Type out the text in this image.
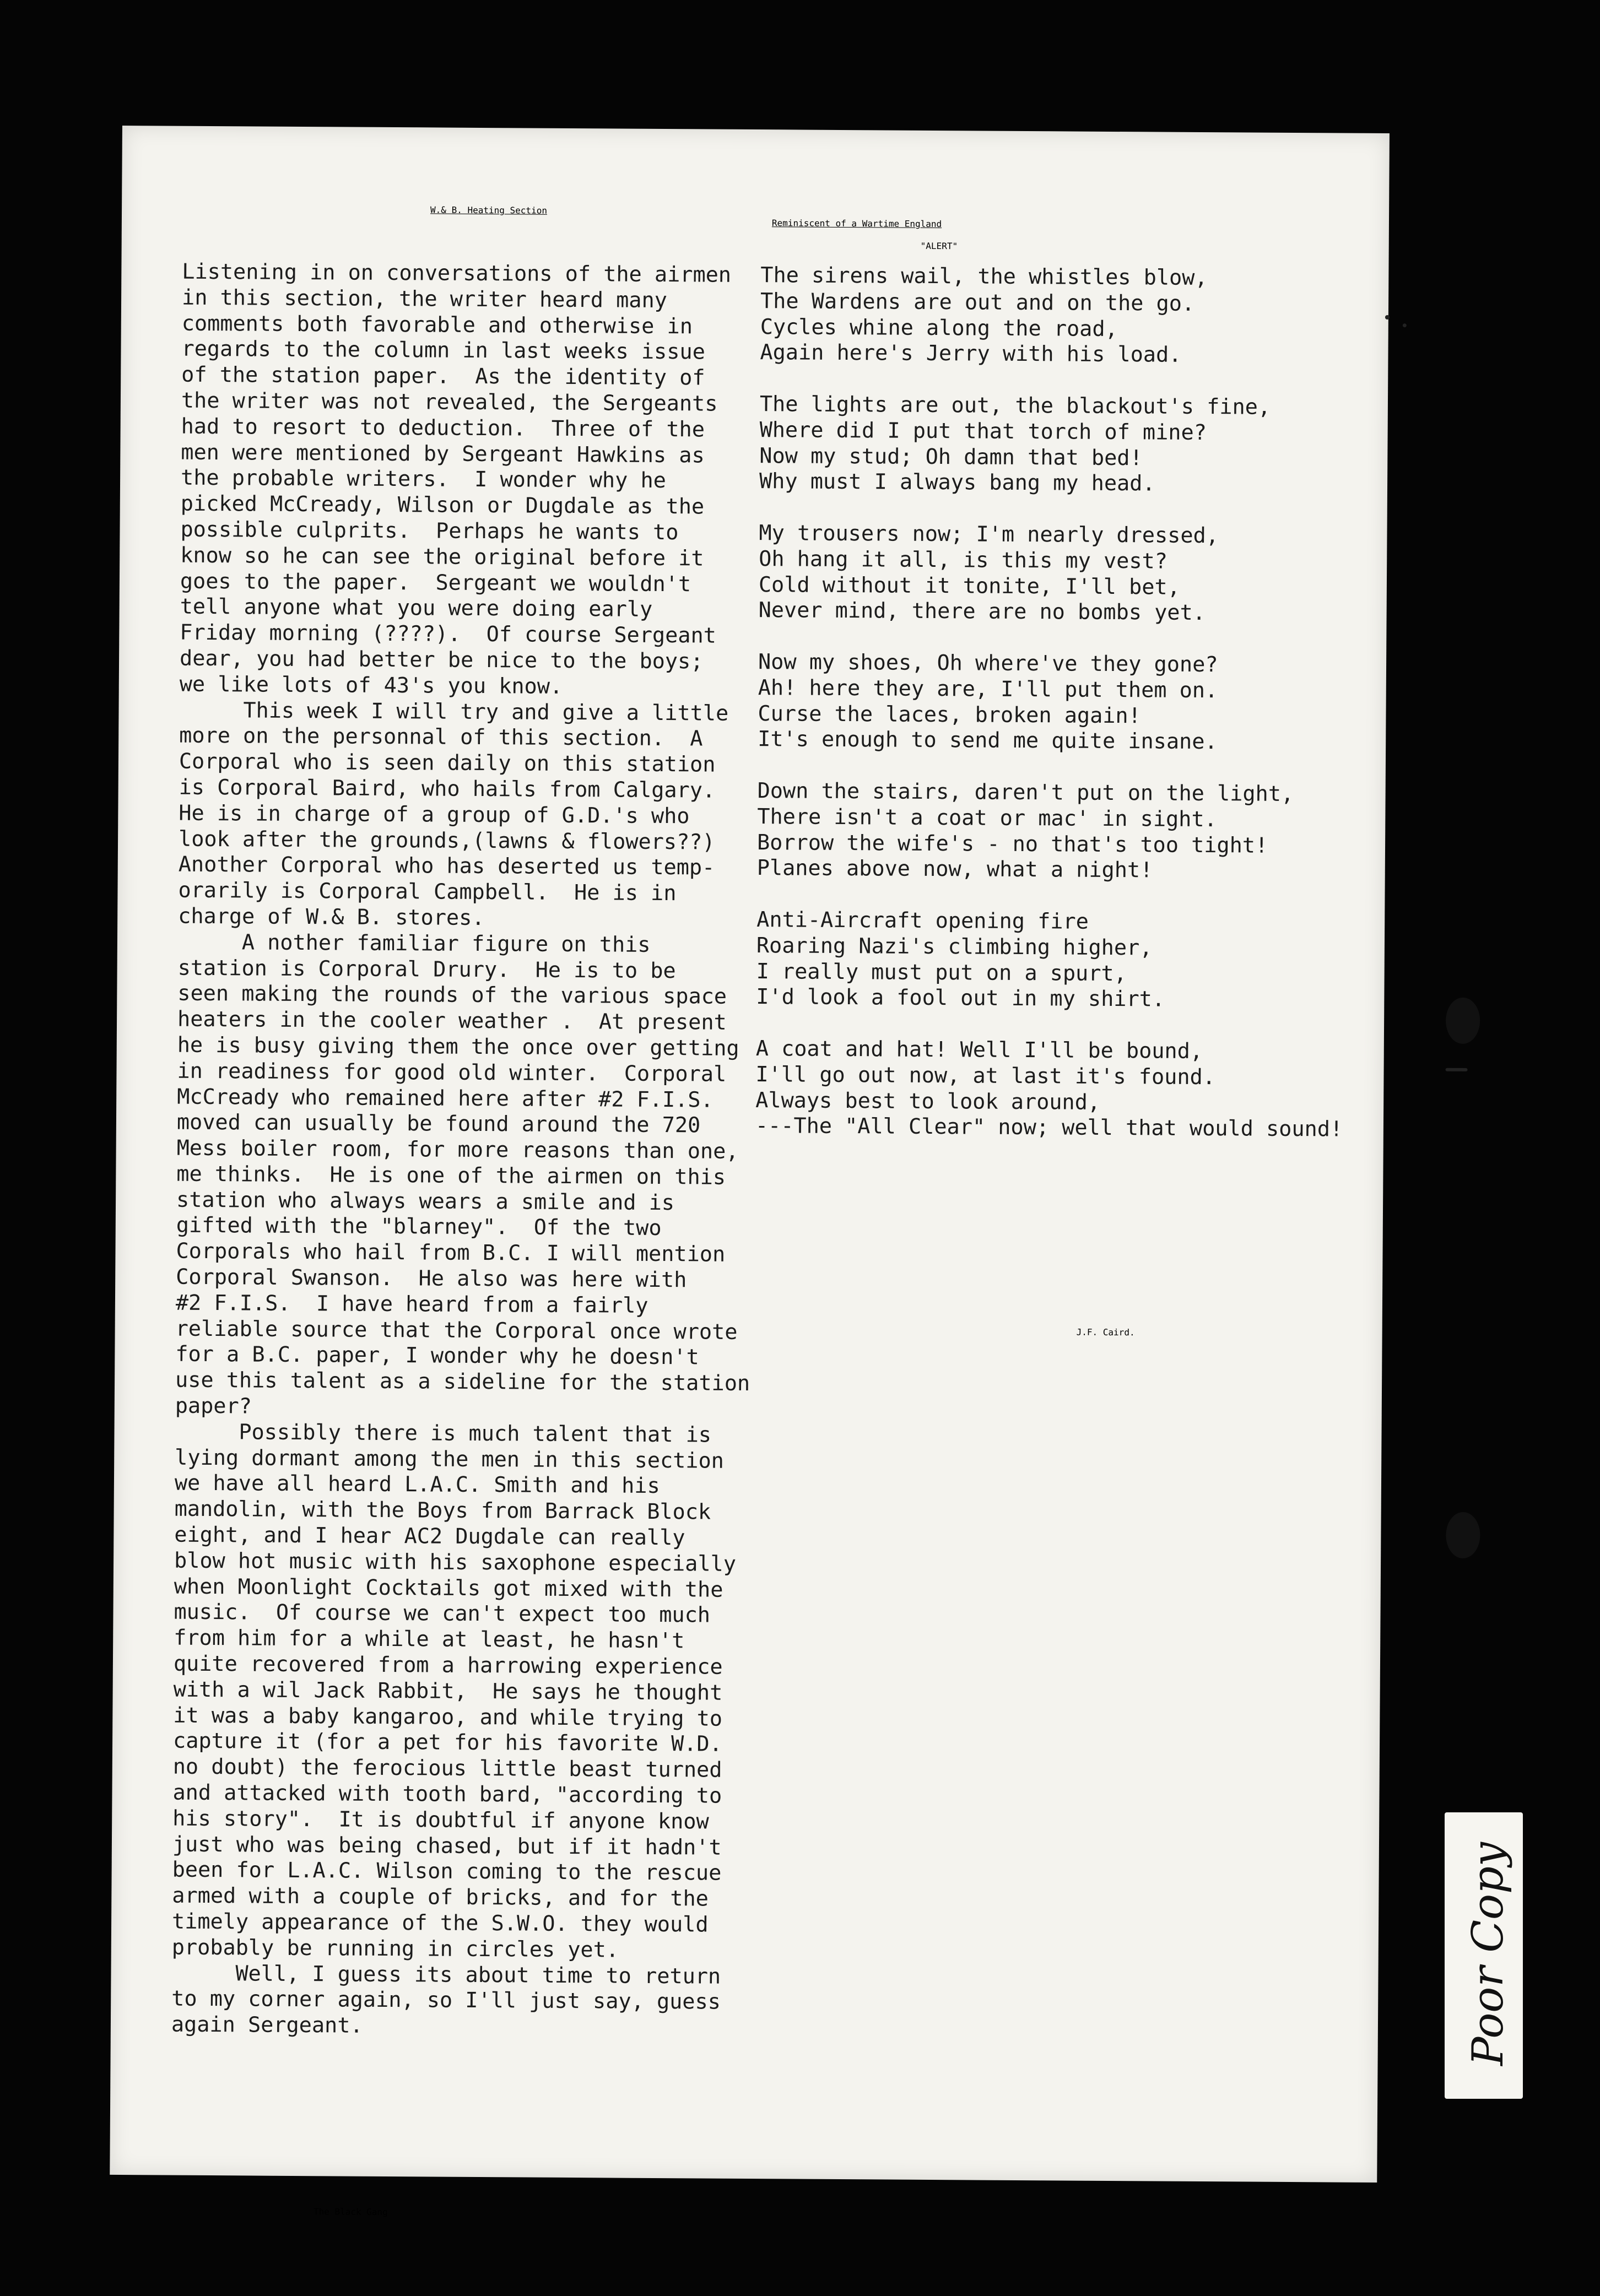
W.& B. Heating Section
Reminiscent of a Wartime England
"ALERT"
Listening in on conversations of the airmen
in this section, the writer heard many
comments both favorable and otherwise in
regards to the column in last weeks issue
of the station paper.  As the identity of
the writer was not revealed, the Sergeants
had to resort to deduction.  Three of the
men were mentioned by Sergeant Hawkins as
the probable writers.  I wonder why he
picked McCready, Wilson or Dugdale as the
possible culprits.  Perhaps he wants to
know so he can see the original before it
goes to the paper.  Sergeant we wouldn't
tell anyone what you were doing early
Friday morning (????).  Of course Sergeant
dear, you had better be nice to the boys;
we like lots of 43's you know.
This week I will try and give a little
more on the personnal of this section.  A
Corporal who is seen daily on this station
is Corporal Baird, who hails from Calgary.
He is in charge of a group of G.D.'s who
look after the grounds,(lawns & flowers??)
Another Corporal who has deserted us temp-
orarily is Corporal Campbell.  He is in
charge of W.& B. stores.
A nother familiar figure on this
station is Corporal Drury.  He is to be
seen making the rounds of the various space
heaters in the cooler weather .  At present
he is busy giving them the once over getting
in readiness for good old winter.  Corporal
McCready who remained here after #2 F.I.S.
moved can usually be found around the 720
Mess boiler room, for more reasons than one,
me thinks.  He is one of the airmen on this
station who always wears a smile and is
gifted with the "blarney".  Of the two
Corporals who hail from B.C. I will mention
Corporal Swanson.  He also was here with
#2 F.I.S.  I have heard from a fairly
reliable source that the Corporal once wrote
for a B.C. paper, I wonder why he doesn't
use this talent as a sideline for the station
paper?
Possibly there is much talent that is
lying dormant among the men in this section
we have all heard L.A.C. Smith and his
mandolin, with the Boys from Barrack Block
eight, and I hear AC2 Dugdale can really
blow hot music with his saxophone especially
when Moonlight Cocktails got mixed with the
music.  Of course we can't expect too much
from him for a while at least, he hasn't
quite recovered from a harrowing experience
with a wil Jack Rabbit,  He says he thought
it was a baby kangaroo, and while trying to
capture it (for a pet for his favorite W.D.
no doubt) the ferocious little beast turned
and attacked with tooth bard, "according to
his story".  It is doubtful if anyone know
just who was being chased, but if it hadn't
been for L.A.C. Wilson coming to the rescue
armed with a couple of bricks, and for the
timely appearance of the S.W.O. they would
probably be running in circles yet.
Well, I guess its about time to return
to my corner again, so I'll just say, guess
again Sergeant.
The sirens wail, the whistles blow,
The Wardens are out and on the go.
Cycles whine along the road,
Again here's Jerry with his load.
The lights are out, the blackout's fine,
Where did I put that torch of mine?
Now my stud; Oh damn that bed!
Why must I always bang my head.
My trousers now; I'm nearly dressed,
Oh hang it all, is this my vest?
Cold without it tonite, I'll bet,
Never mind, there are no bombs yet.
Now my shoes, Oh where've they gone?
Ah! here they are, I'll put them on.
Curse the laces, broken again!
It's enough to send me quite insane.
Down the stairs, daren't put on the light,
There isn't a coat or mac' in sight.
Borrow the wife's - no that's too tight!
Planes above now, what a night!
Anti-Aircraft opening fire
Roaring Nazi's climbing higher,
I really must put on a spurt,
I'd look a fool out in my shirt.
A coat and hat! Well I'll be bound,
I'll go out now, at last it's found.
Always best to look around,
---The "All Clear" now; well that would sound!
J.F. Caird.
The Black Gang
Poor Copy
